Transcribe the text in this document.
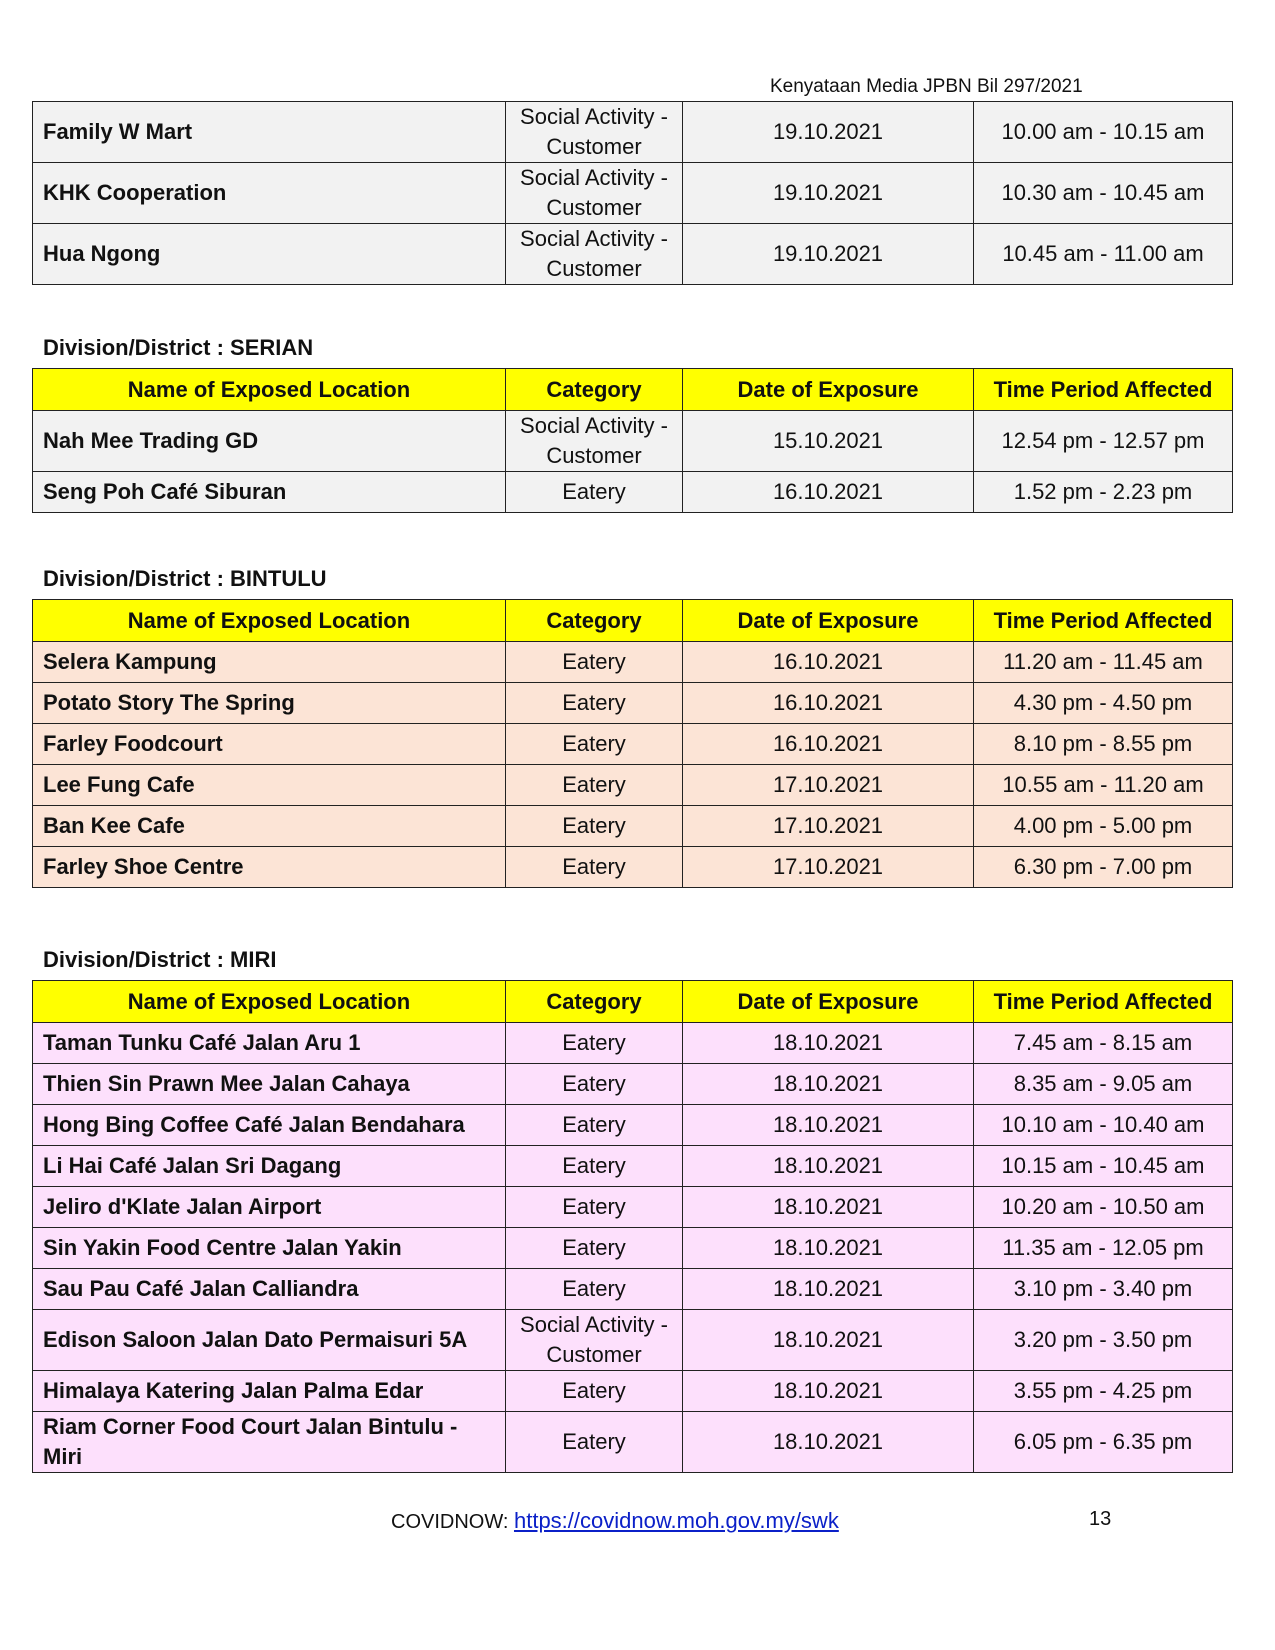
Kenyataan Media JPBN Bil 297/2021
Family W Mart	Social Activity - Customer	19.10.2021	10.00 am - 10.15 am
KHK Cooperation	Social Activity - Customer	19.10.2021	10.30 am - 10.45 am
Hua Ngong	Social Activity - Customer	19.10.2021	10.45 am - 11.00 am
Division/District : SERIAN
Name of Exposed Location	Category	Date of Exposure	Time Period Affected
Nah Mee Trading GD	Social Activity - Customer	15.10.2021	12.54 pm - 12.57 pm
Seng Poh Café Siburan	Eatery	16.10.2021	1.52 pm - 2.23 pm
Division/District : BINTULU
Name of Exposed Location	Category	Date of Exposure	Time Period Affected
Selera Kampung	Eatery	16.10.2021	11.20 am - 11.45 am
Potato Story The Spring	Eatery	16.10.2021	4.30 pm - 4.50 pm
Farley Foodcourt	Eatery	16.10.2021	8.10 pm - 8.55 pm
Lee Fung Cafe	Eatery	17.10.2021	10.55 am - 11.20 am
Ban Kee Cafe	Eatery	17.10.2021	4.00 pm - 5.00 pm
Farley Shoe Centre	Eatery	17.10.2021	6.30 pm - 7.00 pm
Division/District : MIRI
Name of Exposed Location	Category	Date of Exposure	Time Period Affected
Taman Tunku Café Jalan Aru 1	Eatery	18.10.2021	7.45 am - 8.15 am
Thien Sin Prawn Mee Jalan Cahaya	Eatery	18.10.2021	8.35 am - 9.05 am
Hong Bing Coffee Café Jalan Bendahara	Eatery	18.10.2021	10.10 am - 10.40 am
Li Hai Café Jalan Sri Dagang	Eatery	18.10.2021	10.15 am - 10.45 am
Jeliro d'Klate Jalan Airport	Eatery	18.10.2021	10.20 am - 10.50 am
Sin Yakin Food Centre Jalan Yakin	Eatery	18.10.2021	11.35 am - 12.05 pm
Sau Pau Café Jalan Calliandra	Eatery	18.10.2021	3.10 pm - 3.40 pm
Edison Saloon Jalan Dato Permaisuri 5A	Social Activity - Customer	18.10.2021	3.20 pm - 3.50 pm
Himalaya Katering Jalan Palma Edar	Eatery	18.10.2021	3.55 pm - 4.25 pm
Riam Corner Food Court Jalan Bintulu - Miri	Eatery	18.10.2021	6.05 pm - 6.35 pm
COVIDNOW: https://covidnow.moh.gov.my/swk	13
